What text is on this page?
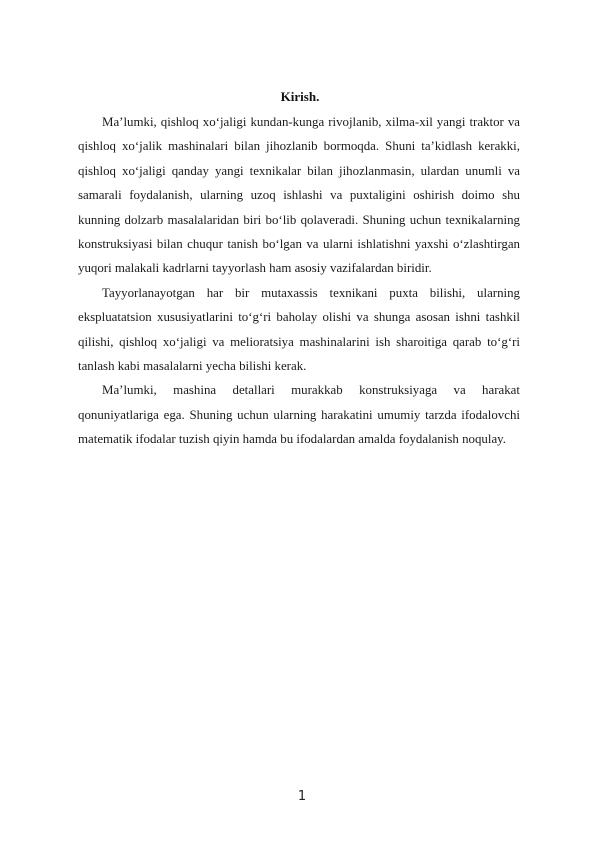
Kirish.

Ma’lumki, qishloq xo‘jaligi kundan-kunga rivojlanib, xilma-xil yangi traktor va qishloq xo‘jalik mashinalari bilan jihozlanib bormoqda. Shuni ta’kidlash kerakki, qishloq xo‘jaligi qanday yangi texnikalar bilan jihozlanmasin, ulardan unumli va samarali foydalanish, ularning uzoq ishlashi va puxtaligini oshirish doimo shu kunning dolzarb masalalaridan biri bo‘lib qolaveradi. Shuning uchun texnikalarning konstruksiyasi bilan chuqur tanish bo‘lgan va ularni ishlatishni yaxshi o‘zlashtirgan yuqori malakali kadrlarni tayyorlash ham asosiy vazifalardan biridir.

Tayyorlanayotgan har bir mutaxassis texnikani puxta bilishi, ularning ekspluatatsion xususiyatlarini to‘g‘ri baholay olishi va shunga asosan ishni tashkil qilishi, qishloq xo‘jaligi va melioratsiya mashinalarini ish sharoitiga qarab to‘g‘ri tanlash kabi masalalarni yecha bilishi kerak.

Ma’lumki, mashina detallari murakkab konstruksiyaga va harakat qonuniyatlariga ega. Shuning uchun ularning harakatini umumiy tarzda ifodalovchi matematik ifodalar tuzish qiyin hamda bu ifodalardan amalda foydalanish noqulay.

1
